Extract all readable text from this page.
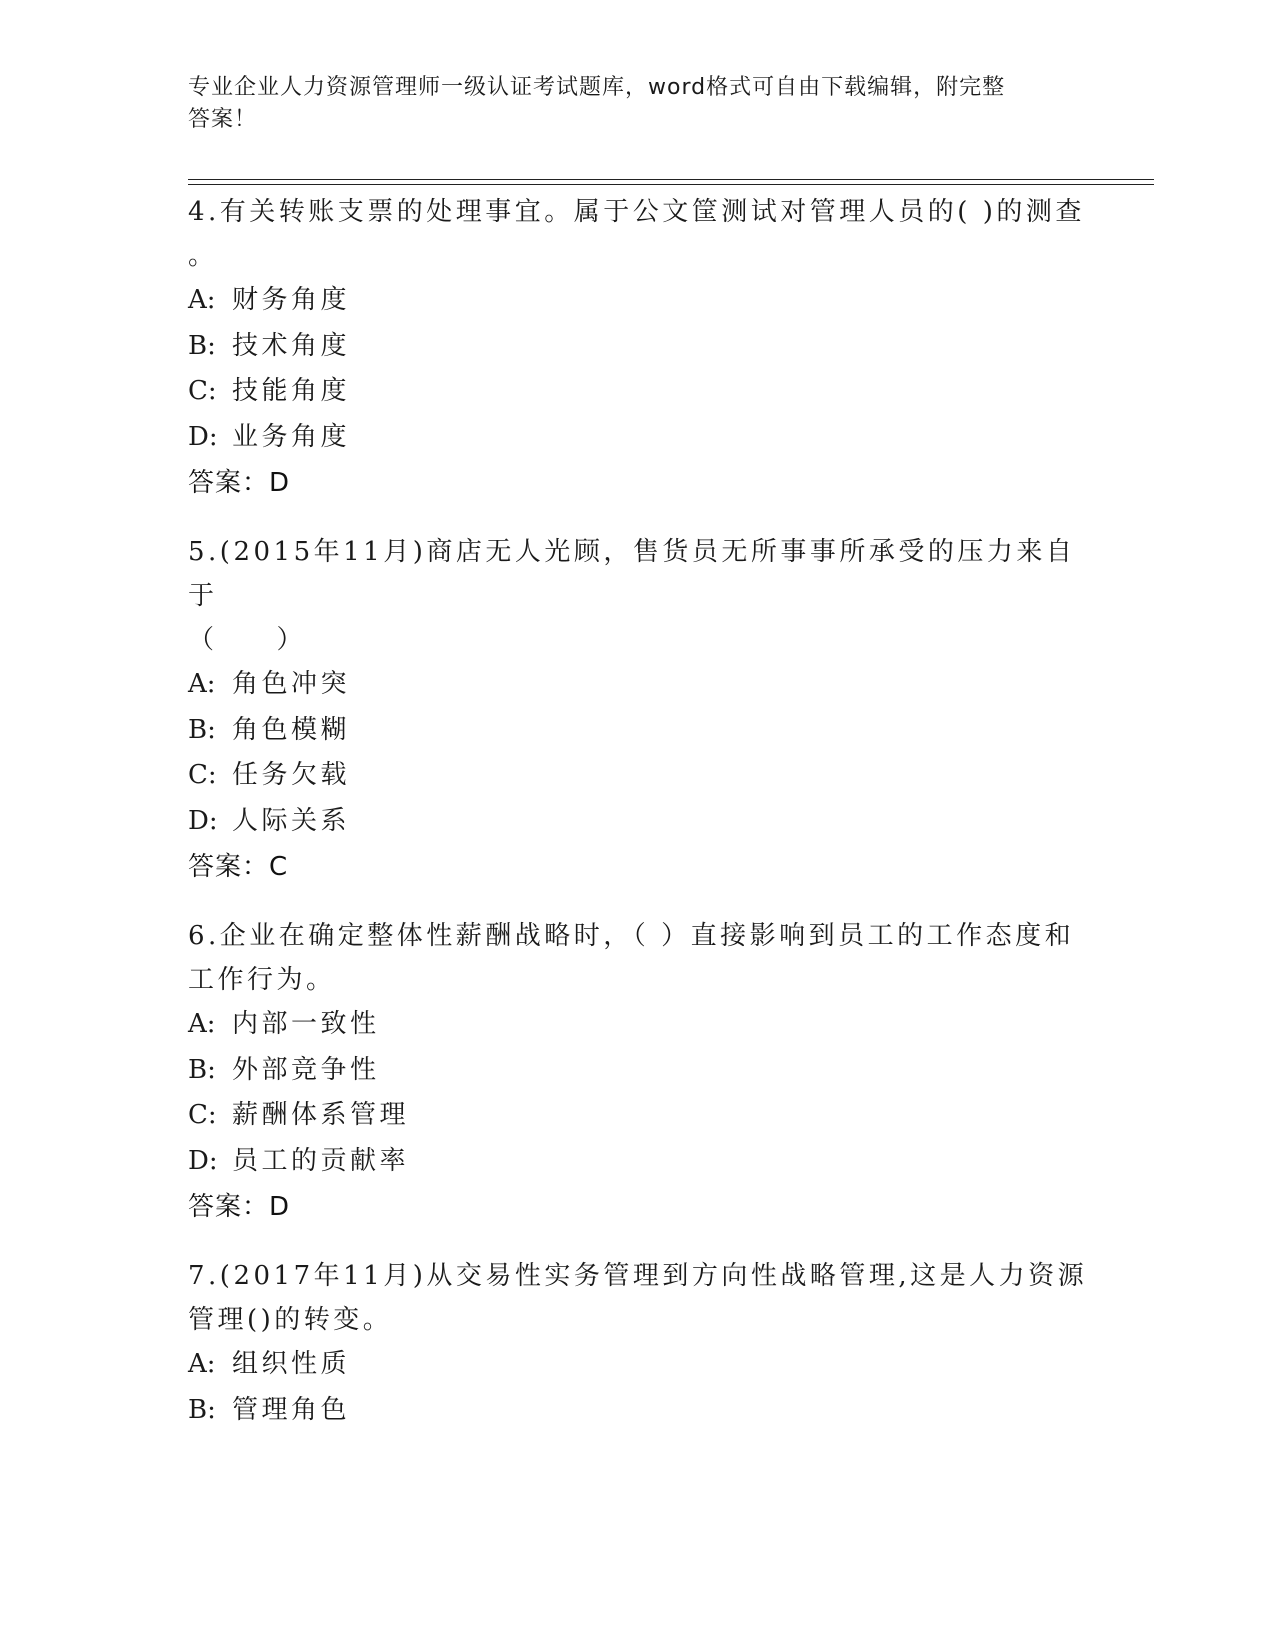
专业企业人力资源管理师一级认证考试题库，word格式可自由下载编辑，附完整
答案！

4.有关转账支票的处理事宜。属于公文筐测试对管理人员的( )的测查
。

A: 财务角度
B: 技术角度
C: 技能角度
D: 业务角度

答案：D

5.(2015年11月)商店无人光顾，售货员无所事事所承受的压力来自于
（　　）

A: 角色冲突
B: 角色模糊
C: 任务欠载
D: 人际关系

答案：C

6.企业在确定整体性薪酬战略时，（ ）直接影响到员工的工作态度和
工作行为。

A: 内部一致性
B: 外部竞争性
C: 薪酬体系管理
D: 员工的贡献率

答案：D

7.(2017年11月)从交易性实务管理到方向性战略管理,这是人力资源
管理()的转变。

A: 组织性质
B: 管理角色
